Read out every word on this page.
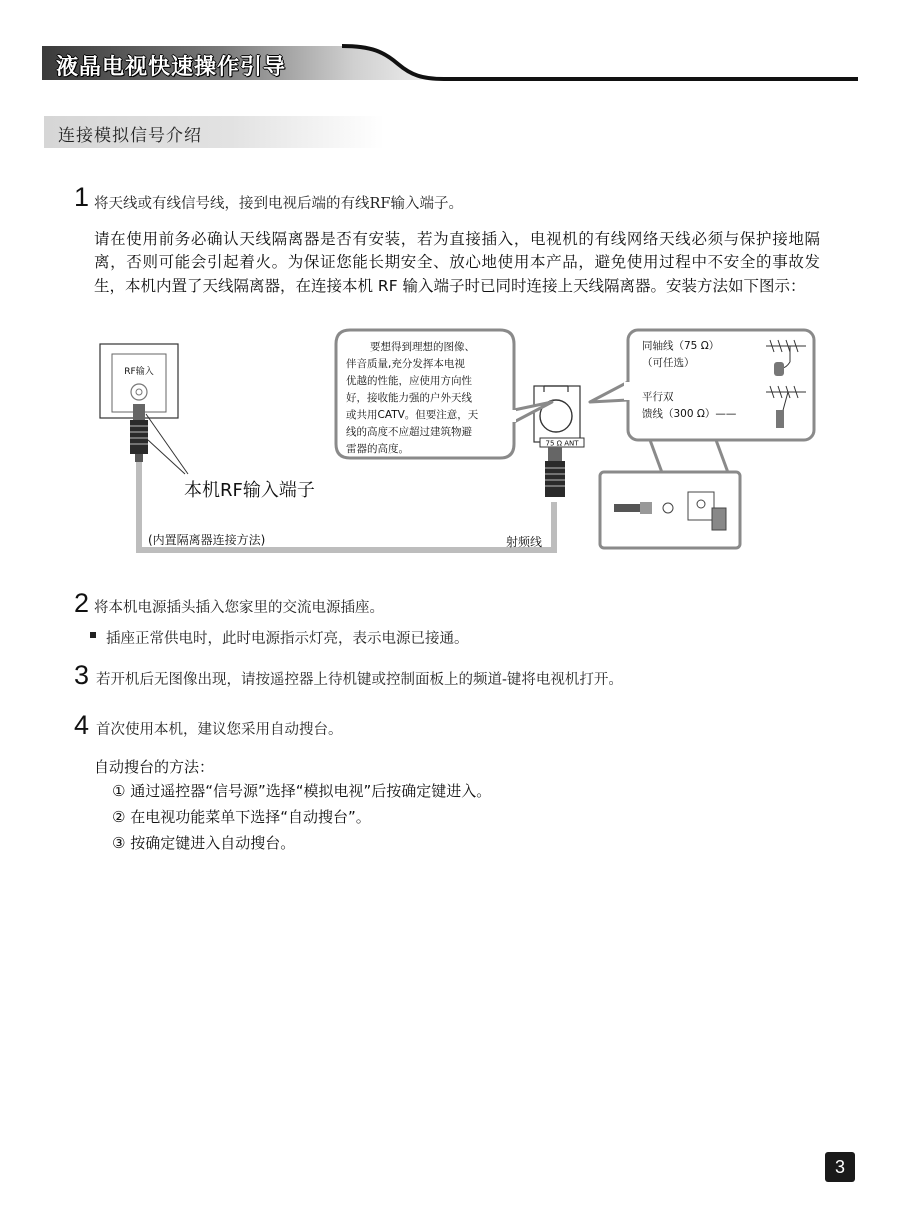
液晶电视快速操作引导
连接模拟信号介绍
1 将天线或有线信号线，接到电视后端的有线RF输入端子。
请在使用前务必确认天线隔离器是否有安装，若为直接插入，电视机的有线网络天线必须与保护接地隔离，否则可能会引起着火。为保证您能长期安全、放心地使用本产品，避免使用过程中不安全的事故发生，本机内置了天线隔离器，在连接本机 RF 输入端子时已同时连接上天线隔离器。安装方法如下图示：
RF输入
本机RF输入端子
(内置隔离器连接方法)	射频线
75 Ω ANT
要想得到理想的图像、 伴音质量,充分发挥本电视 优越的性能，应使用方向性 好，接收能力强的户外天线 或共用CATV。但要注意，天 线的高度不应超过建筑物避 雷器的高度。
同轴线（75 Ω）
（可任选）
平行双
馈线（300 Ω）——
2 将本机电源插头插入您家里的交流电源插座。
插座正常供电时，此时电源指示灯亮，表示电源已接通。
3 若开机后无图像出现，请按遥控器上待机键或控制面板上的频道-键将电视机打开。
4 首次使用本机，建议您采用自动搜台。
自动搜台的方法：
① 通过遥控器“信号源”选择“模拟电视”后按确定键进入。
② 在电视功能菜单下选择“自动搜台”。
③ 按确定键进入自动搜台。
3
